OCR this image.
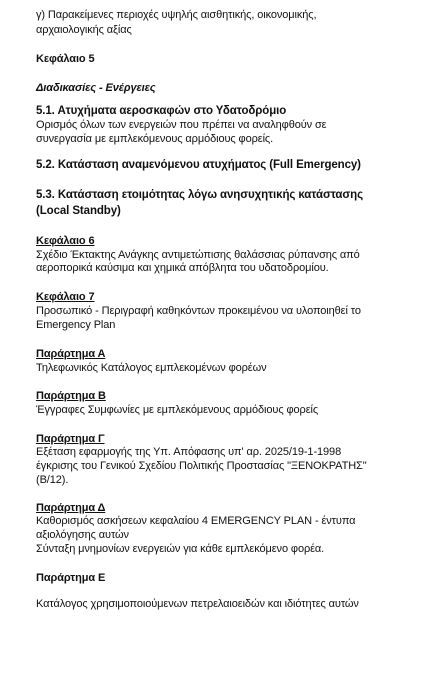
γ) Παρακείμενες περιοχές υψηλής αισθητικής, οικονομικής,
αρχαιολογικής αξίας
Κεφάλαιο 5
Διαδικασίες - Ενέργειες
5.1. Ατυχήματα αεροσκαφών στο Υδατοδρόμιο
Ορισμός όλων των ενεργειών που πρέπει να αναληφθούν σε
συνεργασία με εμπλεκόμενους αρμόδιους φορείς.
5.2. Κατάσταση αναμενόμενου ατυχήματος (Full Emergency)
5.3. Κατάσταση ετοιμότητας λόγω ανησυχητικής κατάστασης
(Local Standby)
Κεφάλαιο 6
Σχέδιο Έκτακτης Ανάγκης αντιμετώπισης θαλάσσιας ρύπανσης από
αεροπορικά καύσιμα και χημικά απόβλητα του υδατοδρομίου.
Κεφάλαιο 7
Προσωπικό - Περιγραφή καθηκόντων προκειμένου να υλοποιηθεί το
Emergency Plan
Παράρτημα Α
Τηλεφωνικός Κατάλογος εμπλεκομένων φορέων
Παράρτημα Β
Έγγραφες Συμφωνίες με εμπλεκόμενους αρμόδιους φορείς
Παράρτημα Γ
Εξέταση εφαρμογής της Υπ. Απόφασης υπ' αρ. 2025/19-1-1998
έγκρισης του Γενικού Σχεδίου Πολιτικής Προστασίας "ΞΕΝΟΚΡΑΤΗΣ"
(Β/12).
Παράρτημα Δ
Καθορισμός ασκήσεων κεφαλαίου 4 EMERGENCY PLAN - έντυπα
αξιολόγησης αυτών
Σύνταξη μνημονίων ενεργειών για κάθε εμπλεκόμενο φορέα.
Παράρτημα Ε
Κατάλογος χρησιμοποιούμενων πετρελαιοειδών και ιδιότητες αυτών
